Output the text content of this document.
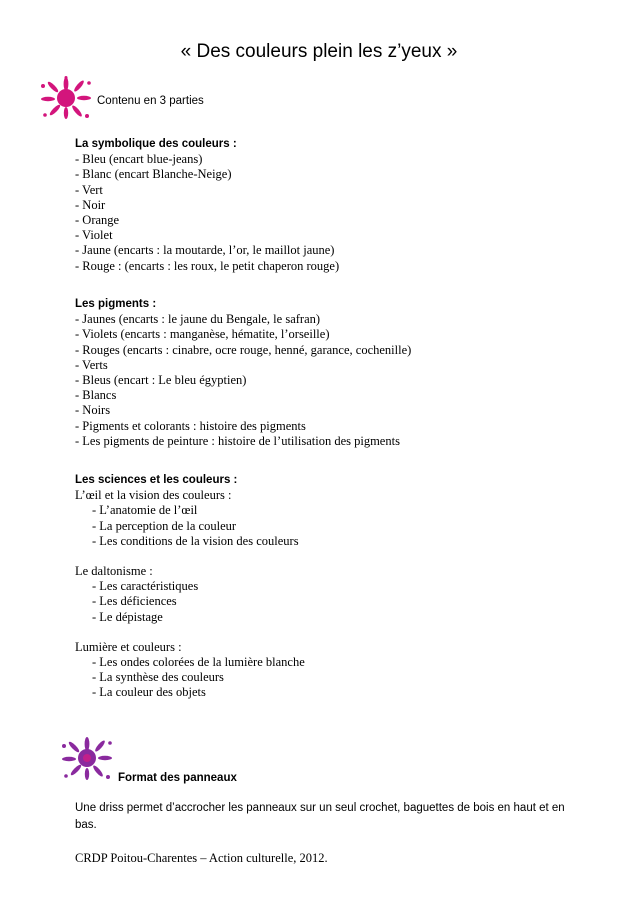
« Des couleurs plein les z’yeux »
Contenu en 3 parties
La symbolique des couleurs :
- Bleu (encart blue-jeans)
- Blanc (encart Blanche-Neige)
- Vert
- Noir
- Orange
- Violet
- Jaune (encarts : la moutarde, l’or, le maillot jaune)
- Rouge : (encarts : les roux, le petit chaperon rouge)
Les pigments :
- Jaunes (encarts : le jaune du Bengale, le safran)
- Violets (encarts : manganèse, hématite, l’orseille)
- Rouges (encarts : cinabre, ocre rouge, henné, garance, cochenille)
- Verts
- Bleus (encart : Le bleu égyptien)
- Blancs
- Noirs
- Pigments et colorants : histoire des pigments
- Les pigments de peinture : histoire de l’utilisation des pigments
Les sciences et les couleurs :
L’œil et la vision des couleurs :
- L’anatomie de l’œil
- La perception de la couleur
- Les conditions de la vision des couleurs
Le daltonisme :
- Les caractéristiques
- Les déficiences
- Le dépistage
Lumière et couleurs :
- Les ondes colorées de la lumière blanche
- La synthèse des couleurs
- La couleur des objets
Format des panneaux
Une driss permet d’accrocher les panneaux sur un seul crochet, baguettes de bois en haut et en bas.
CRDP Poitou-Charentes – Action culturelle, 2012.
